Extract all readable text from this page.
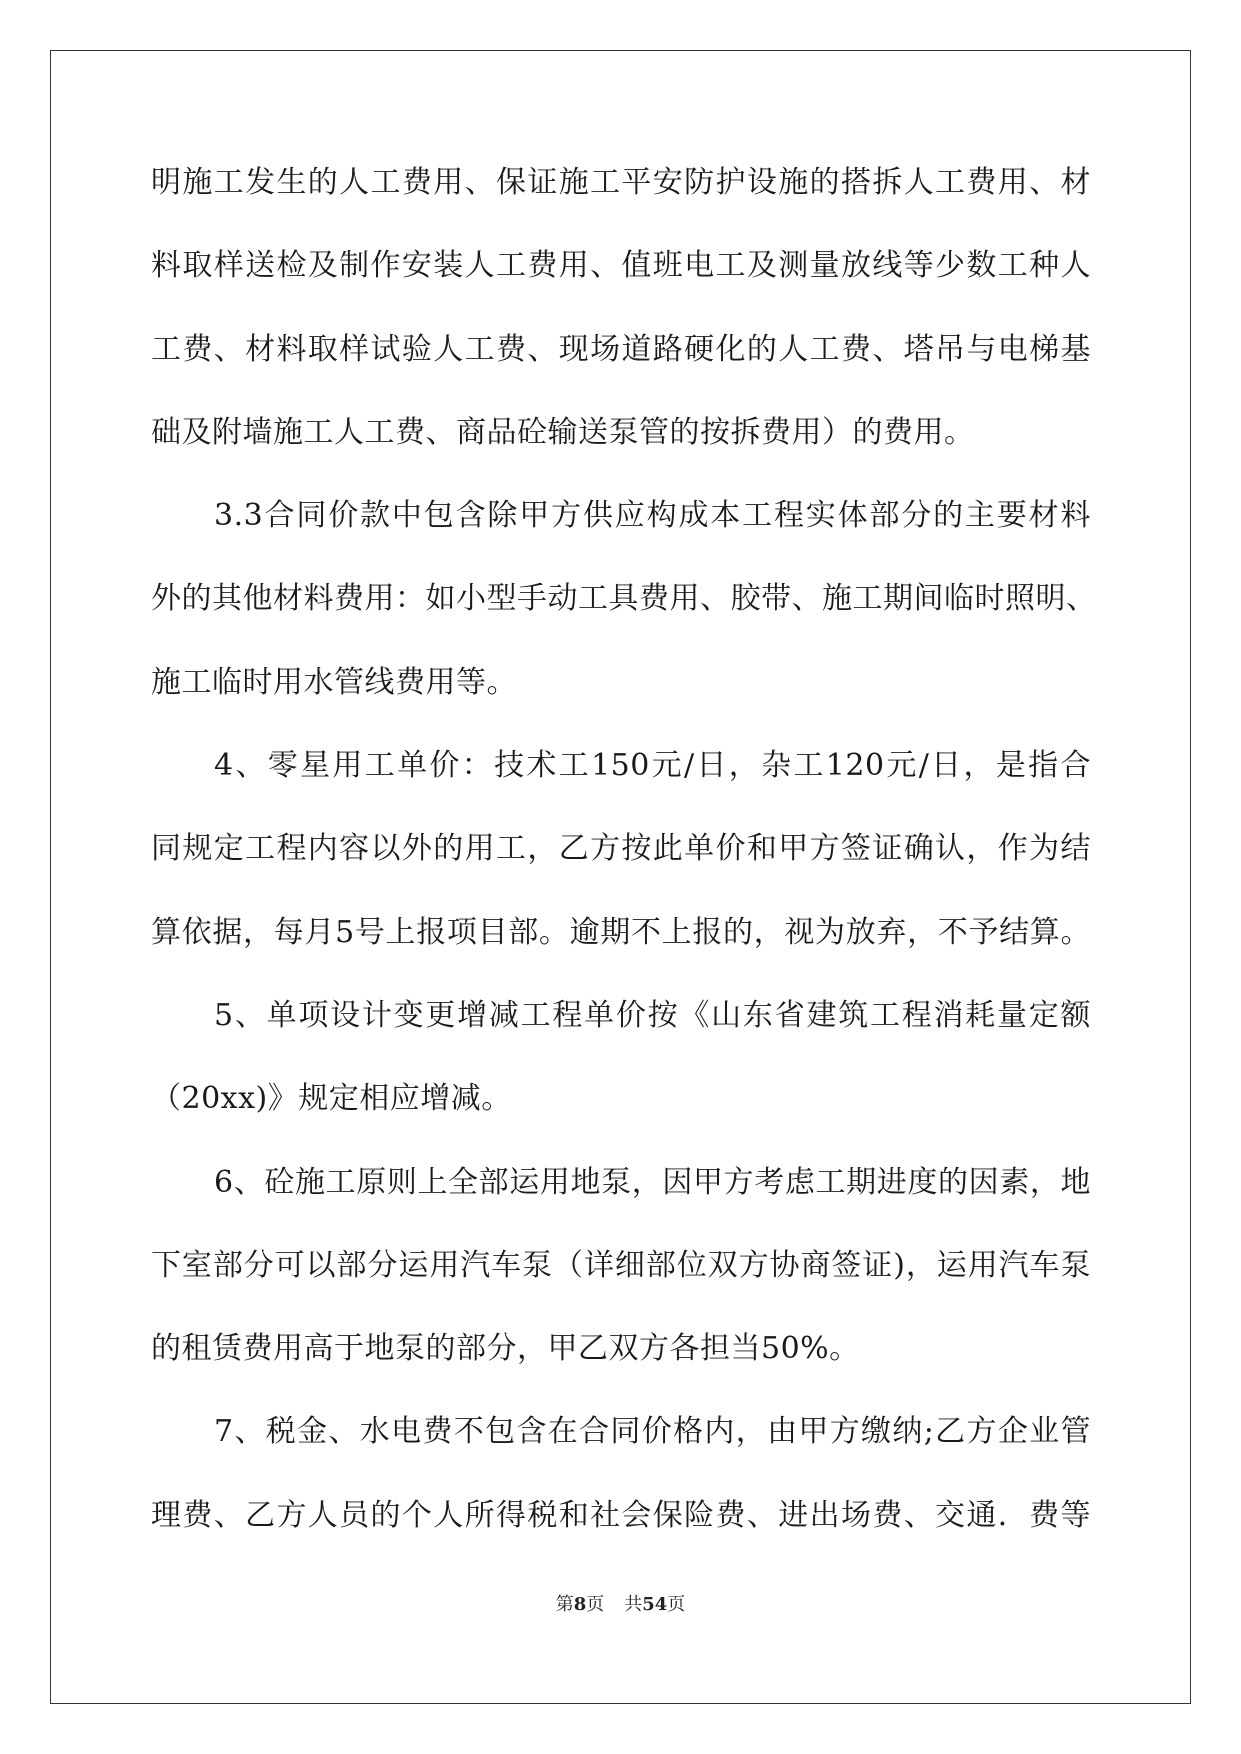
明施工发生的人工费用、保证施工平安防护设施的搭拆人工费用、材
料取样送检及制作安装人工费用、值班电工及测量放线等少数工种人
工费、材料取样试验人工费、现场道路硬化的人工费、塔吊与电梯基
础及附墙施工人工费、商品砼输送泵管的按拆费用）的费用。
3.3合同价款中包含除甲方供应构成本工程实体部分的主要材料
外的其他材料费用：如小型手动工具费用、胶带、施工期间临时照明、
施工临时用水管线费用等。
4、零星用工单价：技术工150元/日，杂工120元/日，是指合
同规定工程内容以外的用工，乙方按此单价和甲方签证确认，作为结
算依据，每月5号上报项目部。逾期不上报的，视为放弃，不予结算。
5、单项设计变更增减工程单价按《山东省建筑工程消耗量定额
（20xx)》规定相应增减。
6、砼施工原则上全部运用地泵，因甲方考虑工期进度的因素，地
下室部分可以部分运用汽车泵（详细部位双方协商签证)，运用汽车泵
的租赁费用高于地泵的部分，甲乙双方各担当50%。
7、税金、水电费不包含在合同价格内，由甲方缴纳;乙方企业管
理费、乙方人员的个人所得税和社会保险费、进出场费、交通．费等
第8页 共54页
